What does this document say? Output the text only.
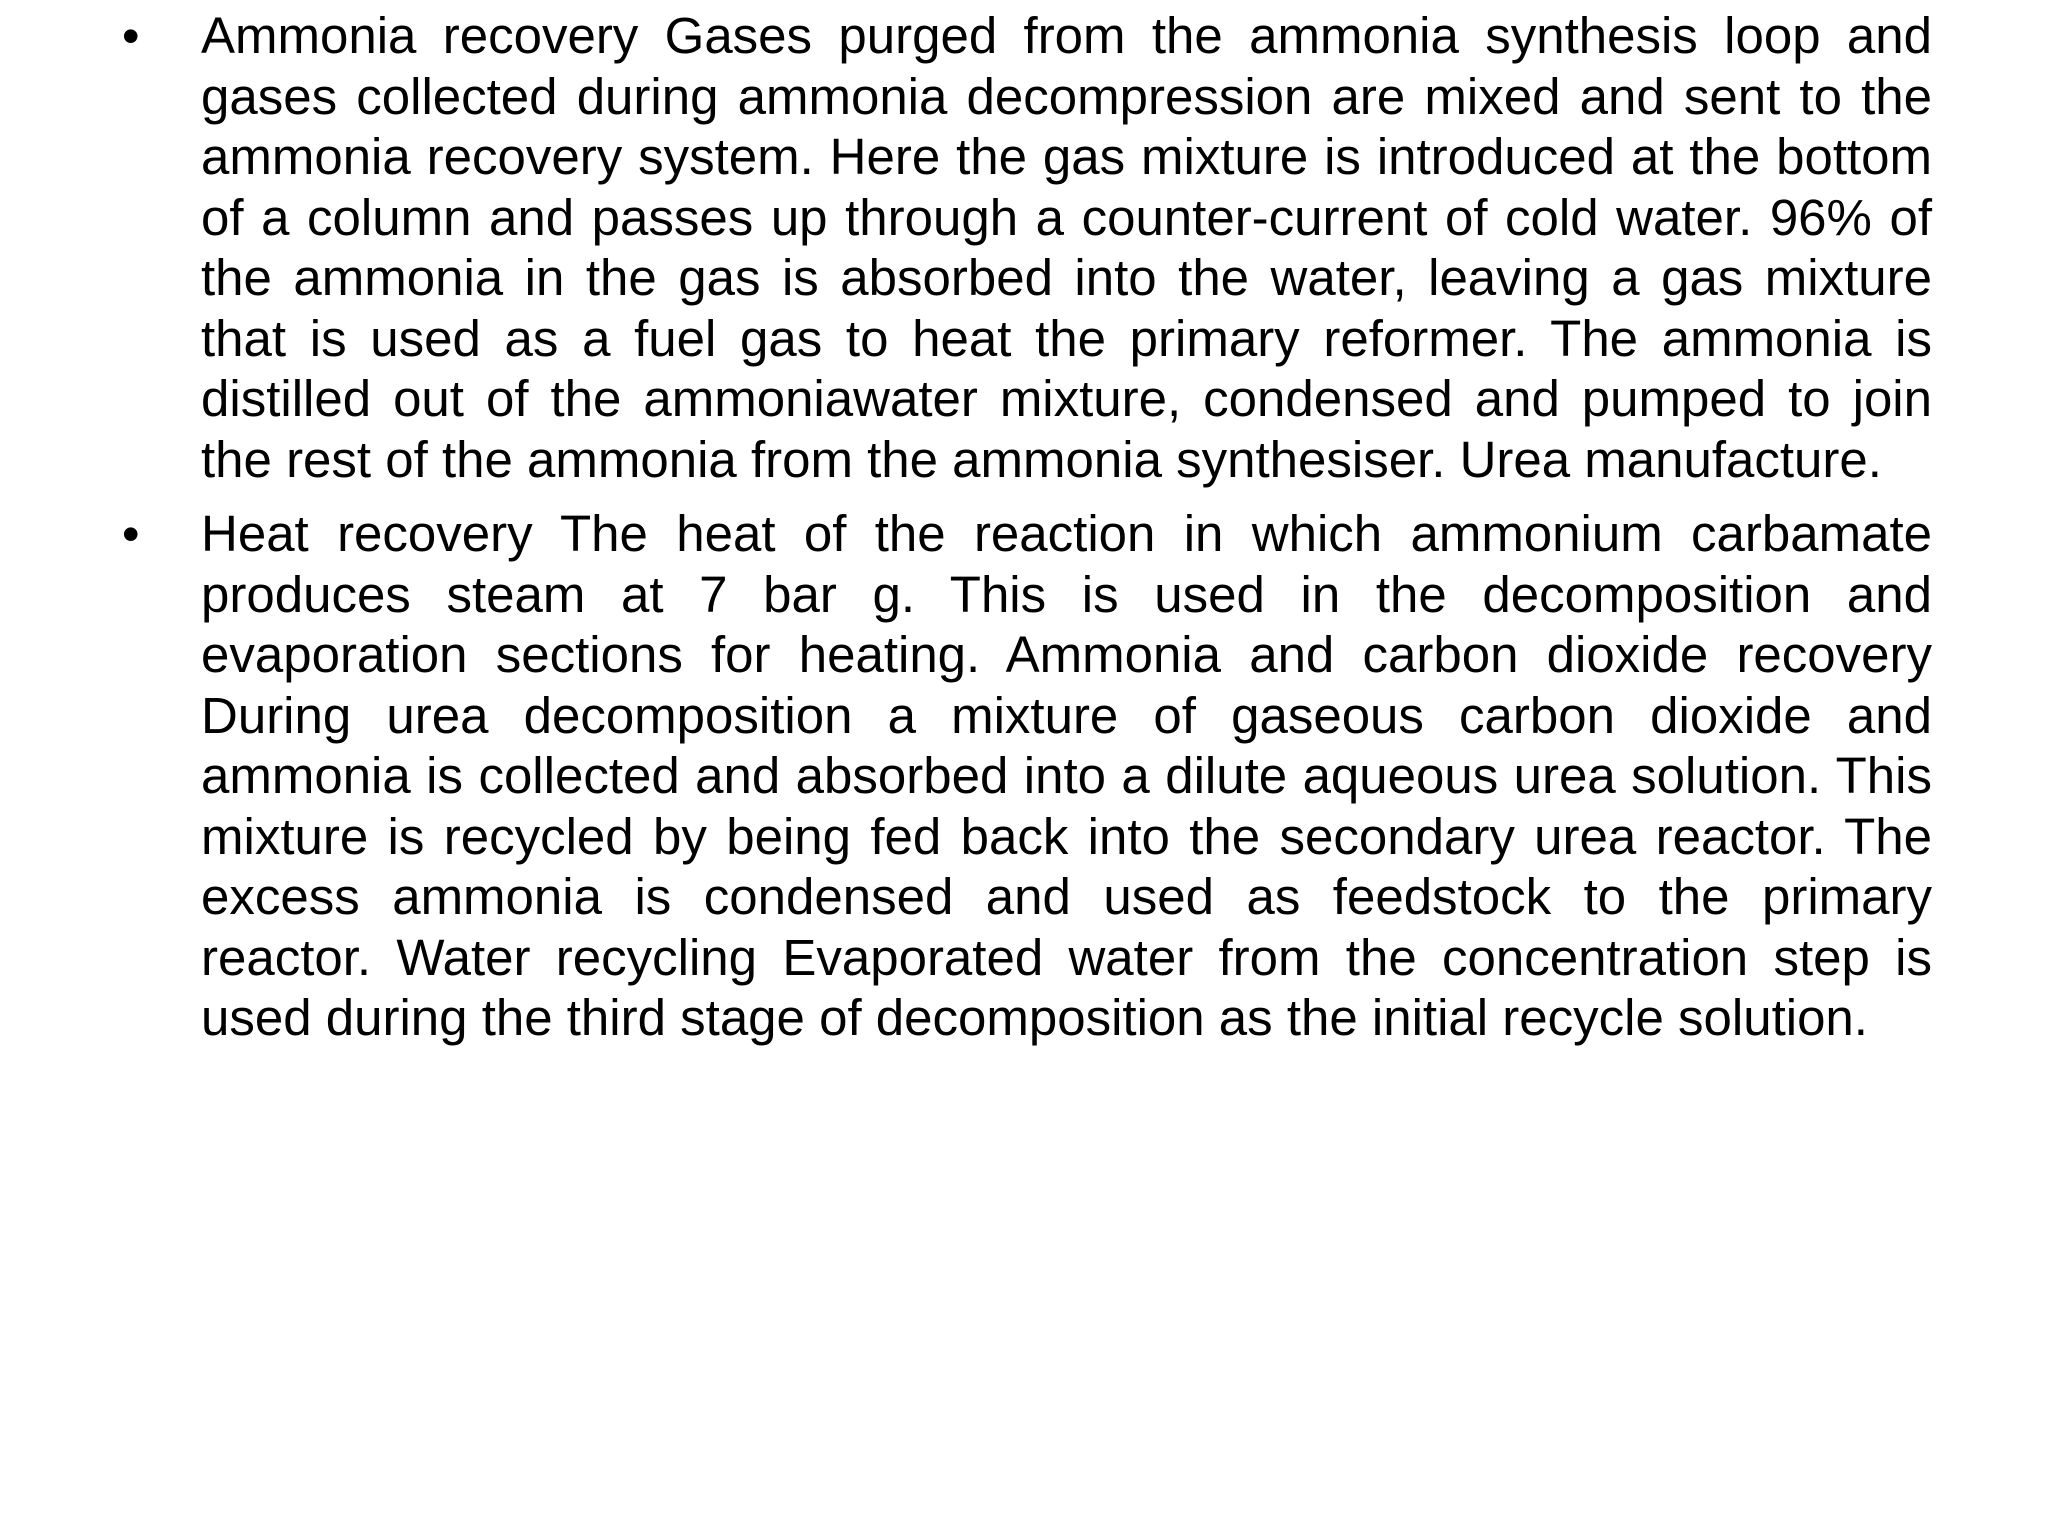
• Ammonia recovery Gases purged from the ammonia synthesis loop and gases collected during ammonia decompression are mixed and sent to the ammonia recovery system. Here the gas mixture is introduced at the bottom of a column and passes up through a counter-current of cold water. 96% of the ammonia in the gas is absorbed into the water, leaving a gas mixture that is used as a fuel gas to heat the primary reformer. The ammonia is distilled out of the ammoniawater mixture, condensed and pumped to join the rest of the ammonia from the ammonia synthesiser. Urea manufacture.
• Heat recovery The heat of the reaction in which ammonium carbamate produces steam at 7 bar g. This is used in the decomposition and evaporation sections for heating. Ammonia and carbon dioxide recovery During urea decomposition a mixture of gaseous carbon dioxide and ammonia is collected and absorbed into a dilute aqueous urea solution. This mixture is recycled by being fed back into the secondary urea reactor. The excess ammonia is condensed and used as feedstock to the primary reactor. Water recycling Evaporated water from the concentration step is used during the third stage of decomposition as the initial recycle solution.
